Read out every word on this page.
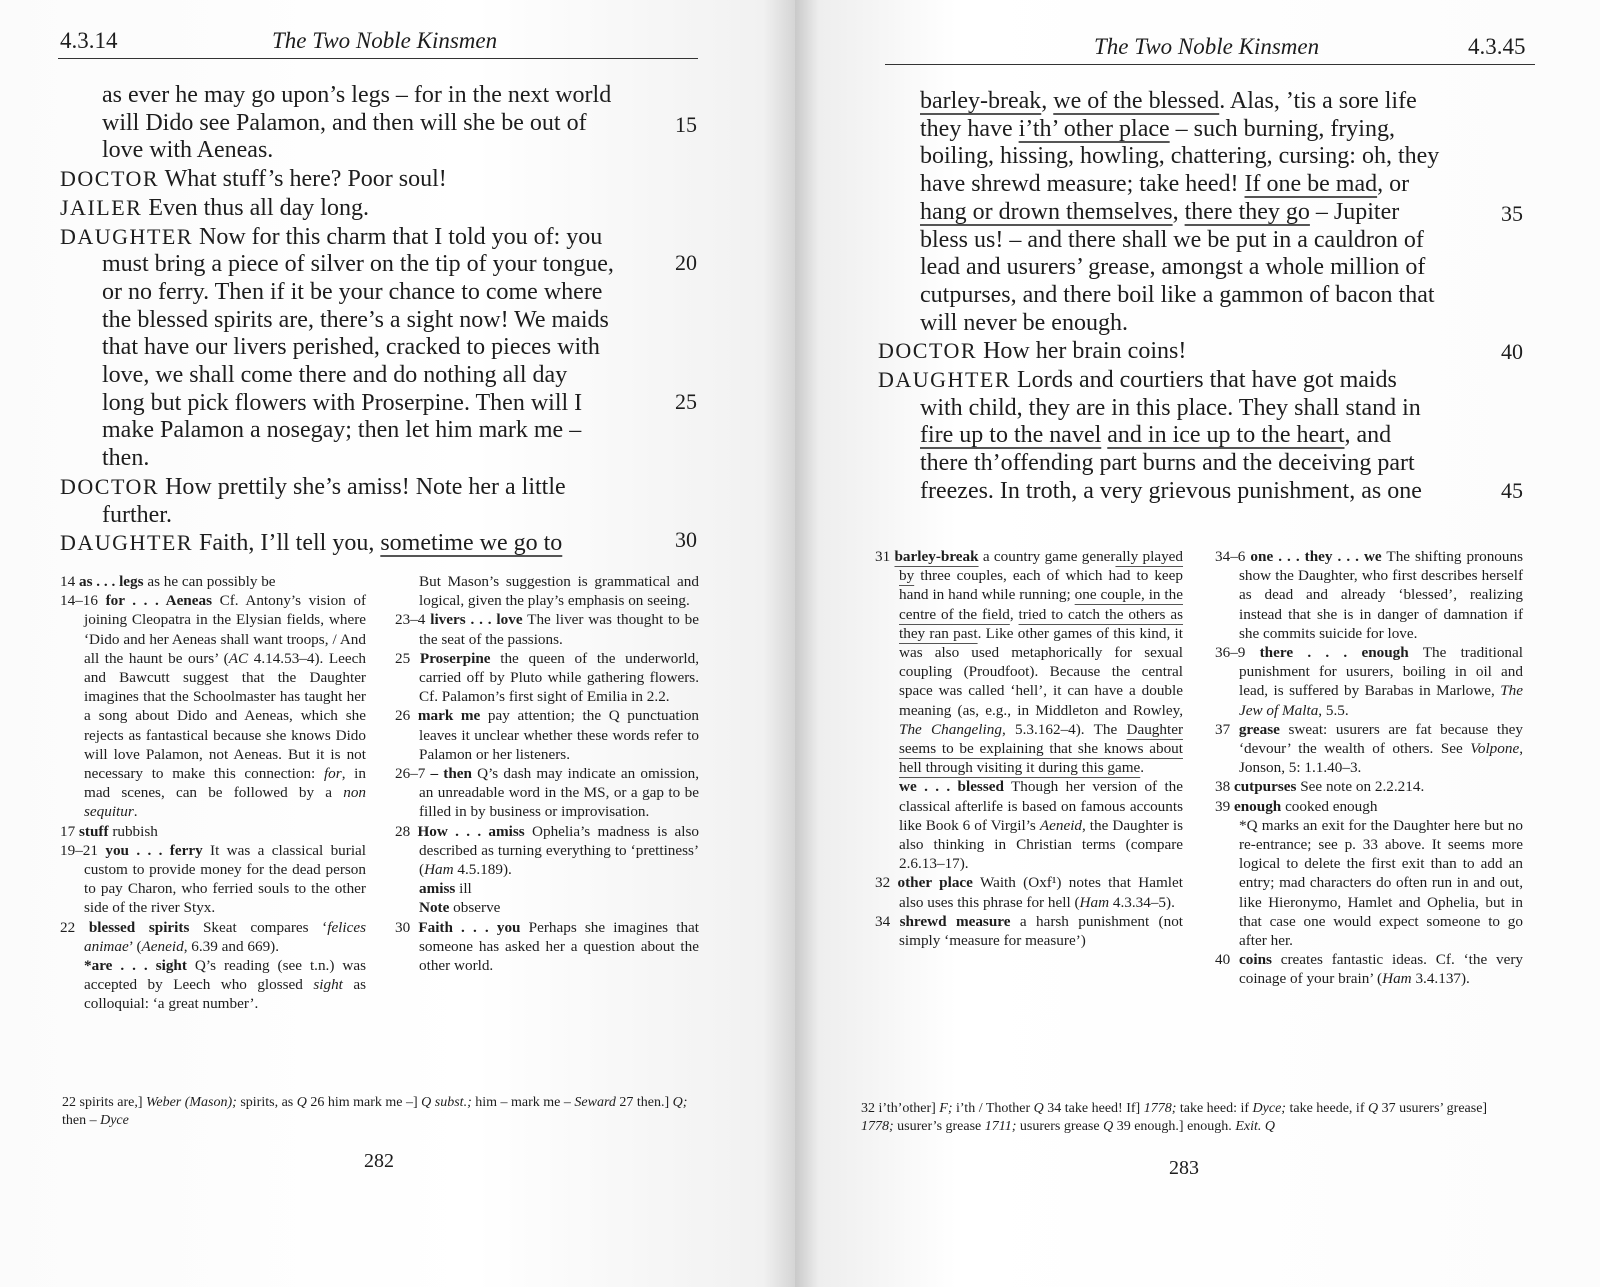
4.3.14	The Two Noble Kinsmen
as ever he may go upon’s legs – for in the next world
will Dido see Palamon, and then will she be out of
love with Aeneas.
DOCTOR What stuff’s here? Poor soul!
JAILER Even thus all day long.
DAUGHTER Now for this charm that I told you of: you
must bring a piece of silver on the tip of your tongue,
or no ferry. Then if it be your chance to come where
the blessed spirits are, there’s a sight now! We maids
that have our livers perished, cracked to pieces with
love, we shall come there and do nothing all day
long but pick flowers with Proserpine. Then will I
make Palamon a nosegay; then let him mark me –
then.
DOCTOR How prettily she’s amiss! Note her a little
further.
DAUGHTER Faith, I’ll tell you, sometime we go to
14 as . . . legs as he can possibly be
14–16 for . . . Aeneas Cf. Antony’s vision of joining Cleopatra in the Elysian fields, where ‘Dido and her Aeneas shall want troops, / And all the haunt be ours’ (AC 4.14.53–4). Leech and Bawcutt suggest that the Daughter imagines that the Schoolmaster has taught her a song about Dido and Aeneas, which she rejects as fantastical because she knows Dido will love Palamon, not Aeneas. But it is not necessary to make this connection: for, in mad scenes, can be followed by a non sequitur.
17 stuff rubbish
19–21 you . . . ferry It was a classical burial custom to provide money for the dead person to pay Charon, who ferried souls to the other side of the river Styx.
22 blessed spirits Skeat compares ‘felices animae’ (Aeneid, 6.39 and 669).
*are . . . sight Q’s reading (see t.n.) was accepted by Leech who glossed sight as colloquial: ‘a great number’.
But Mason’s suggestion is grammatical and logical, given the play’s emphasis on seeing.
23–4 livers . . . love The liver was thought to be the seat of the passions.
25 Proserpine the queen of the underworld, carried off by Pluto while gathering flowers. Cf. Palamon’s first sight of Emilia in 2.2.
26 mark me pay attention; the Q punctuation leaves it unclear whether these words refer to Palamon or her listeners.
26–7 – then Q’s dash may indicate an omission, an unreadable word in the MS, or a gap to be filled in by business or improvisation.
28 How . . . amiss Ophelia’s madness is also described as turning everything to ‘prettiness’ (Ham 4.5.189).
amiss ill
Note observe
30 Faith . . . you Perhaps she imagines that someone has asked her a question about the other world.
22 spirits are,] Weber (Mason); spirits, as Q 26 him mark me –] Q subst.; him – mark me – Seward 27 then.] Q; then – Dyce
282
15
20
25
30
The Two Noble Kinsmen	4.3.45
barley-break, we of the blessed. Alas, ’tis a sore life
they have i’th’ other place – such burning, frying,
boiling, hissing, howling, chattering, cursing: oh, they
have shrewd measure; take heed! If one be mad, or
hang or drown themselves, there they go – Jupiter
bless us! – and there shall we be put in a cauldron of
lead and usurers’ grease, amongst a whole million of
cutpurses, and there boil like a gammon of bacon that
will never be enough.
DOCTOR How her brain coins!
DAUGHTER Lords and courtiers that have got maids
with child, they are in this place. They shall stand in
fire up to the navel and in ice up to the heart, and
there th’offending part burns and the deceiving part
freezes. In troth, a very grievous punishment, as one
31 barley-break a country game generally played by three couples, each of which had to keep hand in hand while running; one couple, in the centre of the field, tried to catch the others as they ran past. Like other games of this kind, it was also used metaphorically for sexual coupling (Proudfoot). Because the central space was called ‘hell’, it can have a double meaning (as, e.g., in Middleton and Rowley, The Changeling, 5.3.162–4). The Daughter seems to be explaining that she knows about hell through visiting it during this game.
we . . . blessed Though her version of the classical afterlife is based on famous accounts like Book 6 of Virgil’s Aeneid, the Daughter is also thinking in Christian terms (compare 2.6.13–17).
32 other place Waith (Oxf¹) notes that Hamlet also uses this phrase for hell (Ham 4.3.34–5).
34 shrewd measure a harsh punishment (not simply ‘measure for measure’)
34–6 one . . . they . . . we The shifting pronouns show the Daughter, who first describes herself as dead and already ‘blessed’, realizing instead that she is in danger of damnation if she commits suicide for love.
36–9 there . . . enough The traditional punishment for usurers, boiling in oil and lead, is suffered by Barabas in Marlowe, The Jew of Malta, 5.5.
37 grease sweat: usurers are fat because they ‘devour’ the wealth of others. See Volpone, Jonson, 5: 1.1.40–3.
38 cutpurses See note on 2.2.214.
39 enough cooked enough
*Q marks an exit for the Daughter here but no re-entrance; see p. 33 above. It seems more logical to delete the first exit than to add an entry; mad characters do often run in and out, like Hieronymo, Hamlet and Ophelia, but in that case one would expect someone to go after her.
40 coins creates fantastic ideas. Cf. ‘the very coinage of your brain’ (Ham 3.4.137).
32 i’th’other] F; i’th / Thother Q 34 take heed! If] 1778; take heed: if Dyce; take heede, if Q 37 usurers’ grease] 1778; usurer’s grease 1711; usurers grease Q 39 enough.] enough. Exit. Q
283
35
40
45
